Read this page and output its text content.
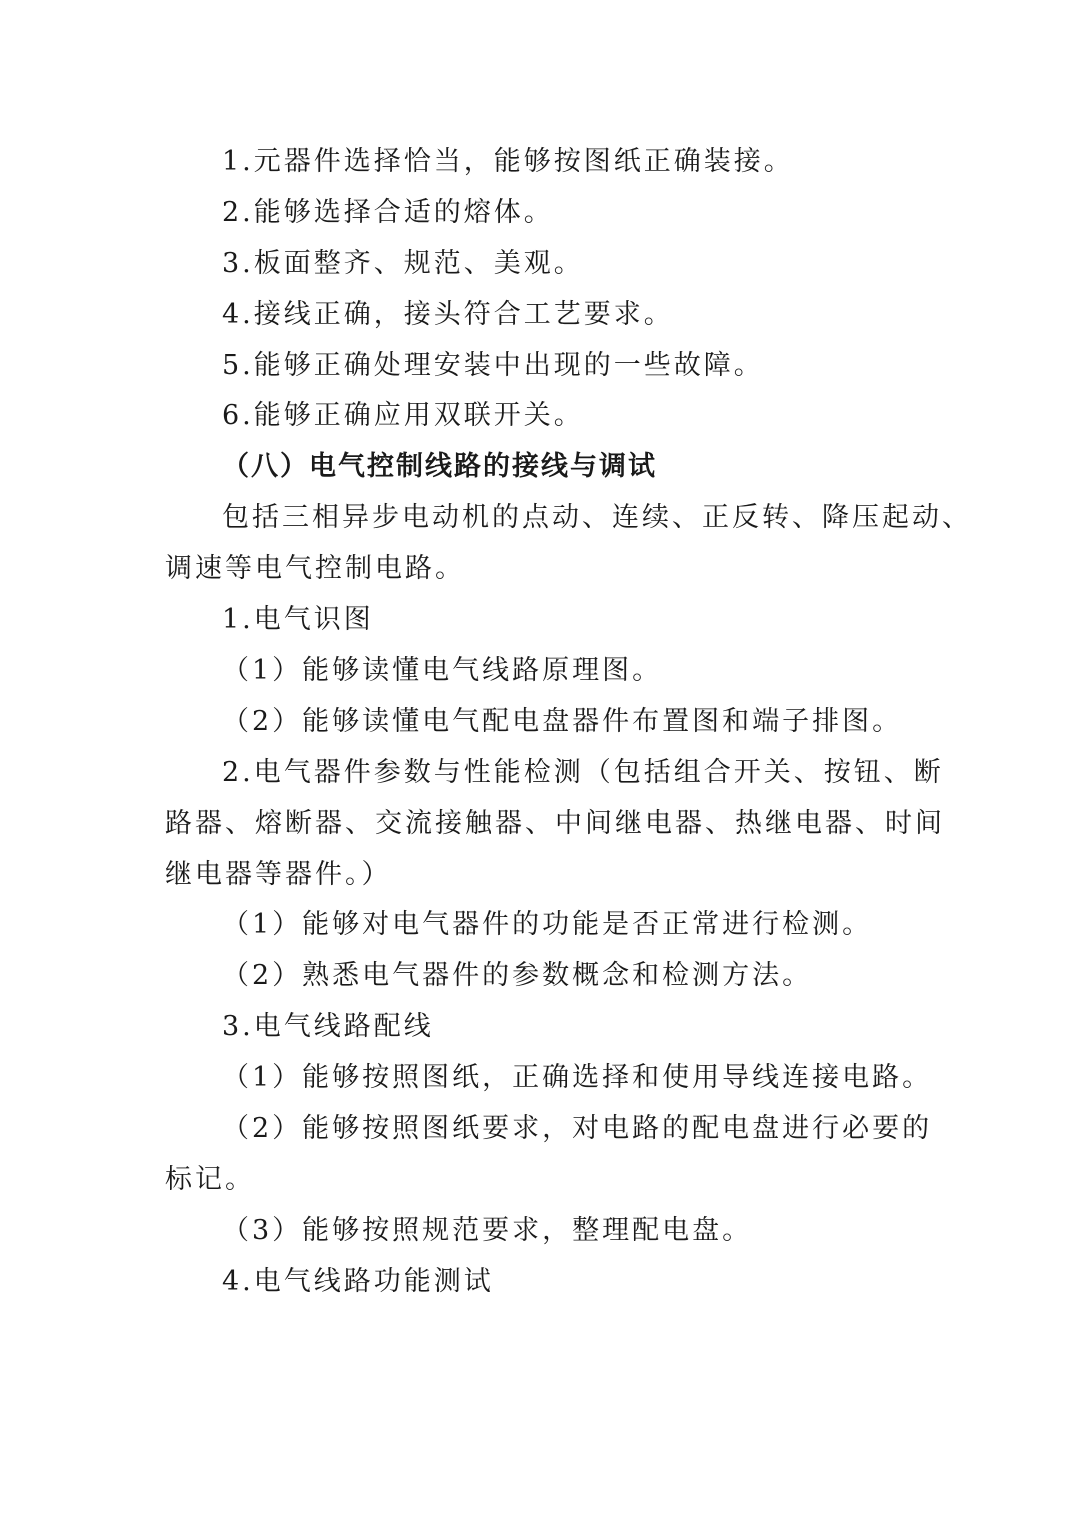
1.元器件选择恰当，能够按图纸正确装接。
2.能够选择合适的熔体。
3.板面整齐、规范、美观。
4.接线正确，接头符合工艺要求。
5.能够正确处理安装中出现的一些故障。
6.能够正确应用双联开关。
（八）电气控制线路的接线与调试
包括三相异步电动机的点动、连续、正反转、降压起动、
调速等电气控制电路。
1.电气识图
（1）能够读懂电气线路原理图。
（2）能够读懂电气配电盘器件布置图和端子排图。
2.电气器件参数与性能检测（包括组合开关、按钮、断
路器、熔断器、交流接触器、中间继电器、热继电器、时间
继电器等器件。）
（1）能够对电气器件的功能是否正常进行检测。
（2）熟悉电气器件的参数概念和检测方法。
3.电气线路配线
（1）能够按照图纸，正确选择和使用导线连接电路。
（2）能够按照图纸要求，对电路的配电盘进行必要的
标记。
（3）能够按照规范要求，整理配电盘。
4.电气线路功能测试
